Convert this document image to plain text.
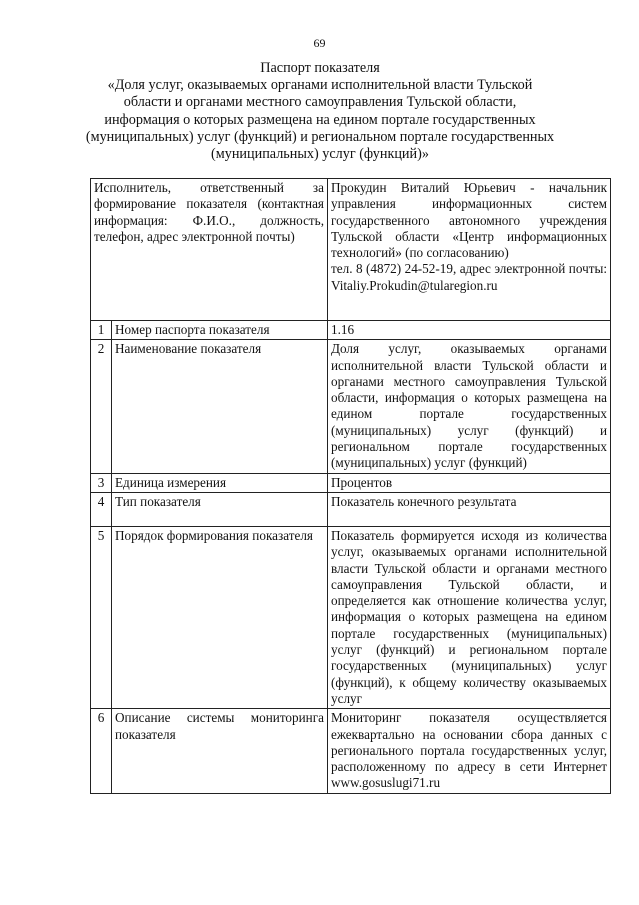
69
Паспорт показателя
«Доля услуг, оказываемых органами исполнительной власти Тульской
области и органами местного самоуправления Тульской области,
информация о которых размещена на едином портале государственных
(муниципальных) услуг (функций) и региональном портале государственных
(муниципальных) услуг (функций)»
Исполнитель, ответственный за формирование показателя (контактная информация: Ф.И.О., должность, телефон, адрес электронной почты)		Прокудин Виталий Юрьевич - начальник управления информационных систем государственного автономного учреждения Тульской области «Центр информационных технологий» (по согласованию)
тел. 8 (4872) 24-52-19, адрес электронной почты: Vitaliy.Prokudin@tularegion.ru

1	Номер паспорта показателя	1.16
2	Наименование показателя	Доля услуг, оказываемых органами исполнительной власти Тульской области и органами местного самоуправления Тульской области, информация о которых размещена на едином портале государственных (муниципальных) услуг (функций) и региональном портале государственных (муниципальных) услуг (функций)
3	Единица измерения	Процентов
4	Тип показателя	Показатель конечного результата
5	Порядок формирования показателя	Показатель формируется исходя из количества услуг, оказываемых органами исполнительной власти Тульской области и органами местного самоуправления Тульской области, и определяется как отношение количества услуг, информация о которых размещена на едином портале государственных (муниципальных) услуг (функций) и региональном портале государственных (муниципальных) услуг (функций), к общему количеству оказываемых услуг
6	Описание системы мониторинга показателя	Мониторинг показателя осуществляется ежеквартально на основании сбора данных с регионального портала государственных услуг, расположенному по адресу в сети Интернет www.gosuslugi71.ru
